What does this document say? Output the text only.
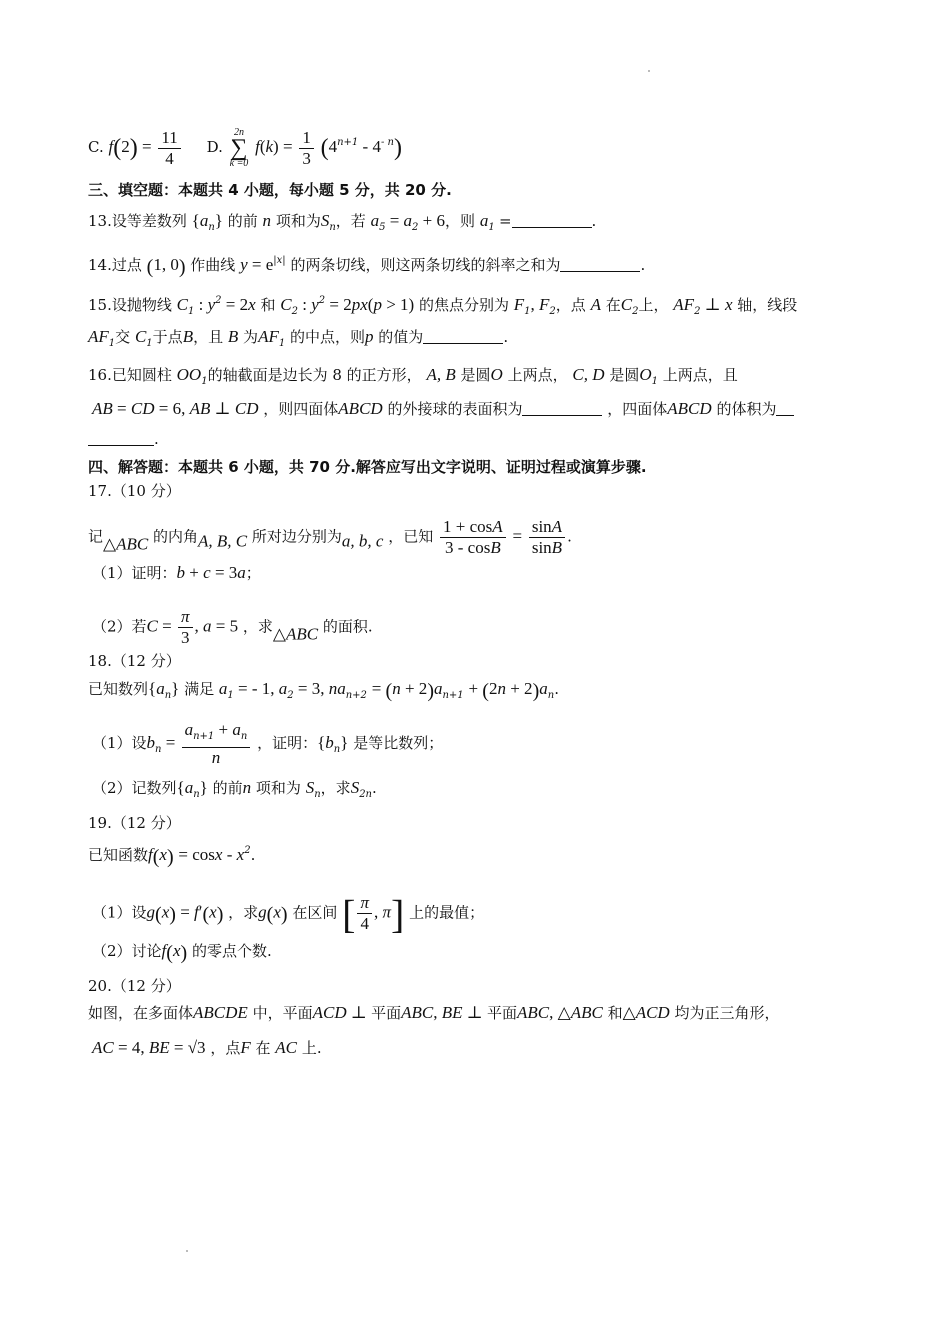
C. $f(2) = \frac{11}{4} D$. 2n
∑
k =0 $f(k) = \frac{1}{3} (4^{n+1} - 4^{- n})$
三、填空题：本题共 4 小题，每小题 5 分，共 20 分.
13.设等差数列 $\{a_n\}$ 的前 n 项和为$S_n$，若 $a_5 = a_2 + 6$，则 $a_1$ =	.
14.过点 (1, 0) 作曲线 $y = e^{|x|}$ 的两条切线，则这两条切线的斜率之和为	.
15.设抛物线 $C_1$ : $y^2 = 2x$ 和 $C_2$ : $y^2 = 2px(p > 1)$ 的焦点分别为 $F_1$, $F_2$，点 A 在$C_2$上， $AF_2$ ⊥ x 轴，线段
$AF_1$交 $C_1$于点B，且 B 为$AF_1$ 的中点，则p 的值为	.
16.已知圆柱 $OO_1$的轴截面是边长为 8 的正方形， A, B 是圆O 上两点， C, D 是圆$O_1$ 上两点，且
AB = CD = 6, AB ⊥ CD ，则四面体ABCD 的外接球的表面积为	，四面体ABCD 的体积为
.
四、解答题：本题共 6 小题，共 70 分.解答应写出文字说明、证明过程或演算步骤.
17.（10 分）
记△ABC 的内角A, B, C 所对边分别为a, b, c ，已知 $\frac{1 + \cos A}{3 - \cos B} = \frac{\sin A}{\sin B}$ .
（1）证明：b + c = 3a；
（2）若$C = \frac{\pi}{3}$ , a = 5 ，求△ABC 的面积.
18.（12 分）
已知数列$\{a_n\}$ 满足 $a_1$ = - 1, $a_2 = 3$, $na_{n+2} = (n + 2)a_{n+1} + (2n + 2)a_n$.
（1）设$b_n = \frac{a_{n+1} + a_n}{n}$ ，证明：$\{b_n\}$ 是等比数列；
（2）记数列$\{a_n\}$ 的前n 项和为 $S_n$，求$S_{2n}$.
19.（12 分）
已知函数$f(x) = \cos x - x^2$.
（1）设g(x) = f′(x) ，求g(x) 在区间 [ $\frac{\pi}{4}$ , π] 上的最值；
（2）讨论f(x) 的零点个数.
20.（12 分）
如图，在多面体ABCDE 中，平面ACD ⊥ 平面ABC, BE ⊥ 平面ABC, △ABC 和△ACD 均为正三角形，
AC = 4, BE = √3 ，点F 在 AC 上.
